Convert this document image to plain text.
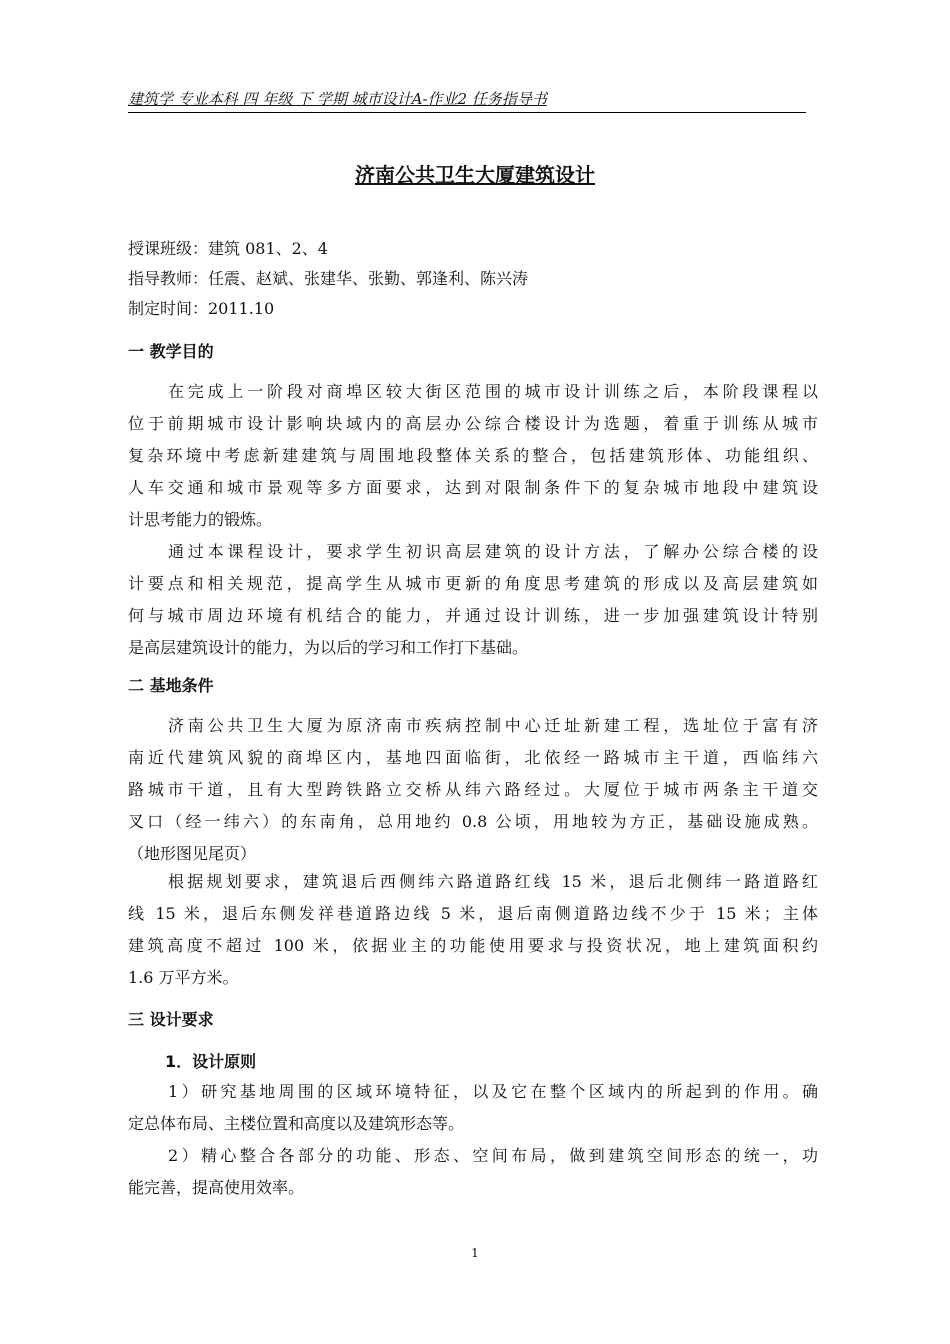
建筑学 专业本科 四 年级 下 学期 城市设计A-作业2 任务指导书
济南公共卫生大厦建筑设计
授课班级：建筑 081、2、4
指导教师：任震、赵斌、张建华、张勤、郭逢利、陈兴涛
制定时间：2011.10
一 教学目的
在完成上一阶段对商埠区较大街区范围的城市设计训练之后，本阶段课程以
位于前期城市设计影响块域内的高层办公综合楼设计为选题，着重于训练从城市
复杂环境中考虑新建建筑与周围地段整体关系的整合，包括建筑形体、功能组织、
人车交通和城市景观等多方面要求，达到对限制条件下的复杂城市地段中建筑设
计思考能力的锻炼。
通过本课程设计，要求学生初识高层建筑的设计方法，了解办公综合楼的设
计要点和相关规范，提高学生从城市更新的角度思考建筑的形成以及高层建筑如
何与城市周边环境有机结合的能力，并通过设计训练，进一步加强建筑设计特别
是高层建筑设计的能力，为以后的学习和工作打下基础。
二 基地条件
济南公共卫生大厦为原济南市疾病控制中心迁址新建工程，选址位于富有济
南近代建筑风貌的商埠区内，基地四面临街，北依经一路城市主干道，西临纬六
路城市干道，且有大型跨铁路立交桥从纬六路经过。大厦位于城市两条主干道交
叉口（经一纬六）的东南角，总用地约 0.8 公顷，用地较为方正，基础设施成熟。
（地形图见尾页）
根据规划要求，建筑退后西侧纬六路道路红线 15 米，退后北侧纬一路道路红
线 15 米，退后东侧发祥巷道路边线 5 米，退后南侧道路边线不少于 15 米；主体
建筑高度不超过 100 米，依据业主的功能使用要求与投资状况，地上建筑面积约
1.6 万平方米。
三 设计要求
1．设计原则
1）研究基地周围的区域环境特征，以及它在整个区域内的所起到的作用。确
定总体布局、主楼位置和高度以及建筑形态等。
2）精心整合各部分的功能、形态、空间布局，做到建筑空间形态的统一，功
能完善，提高使用效率。
1
